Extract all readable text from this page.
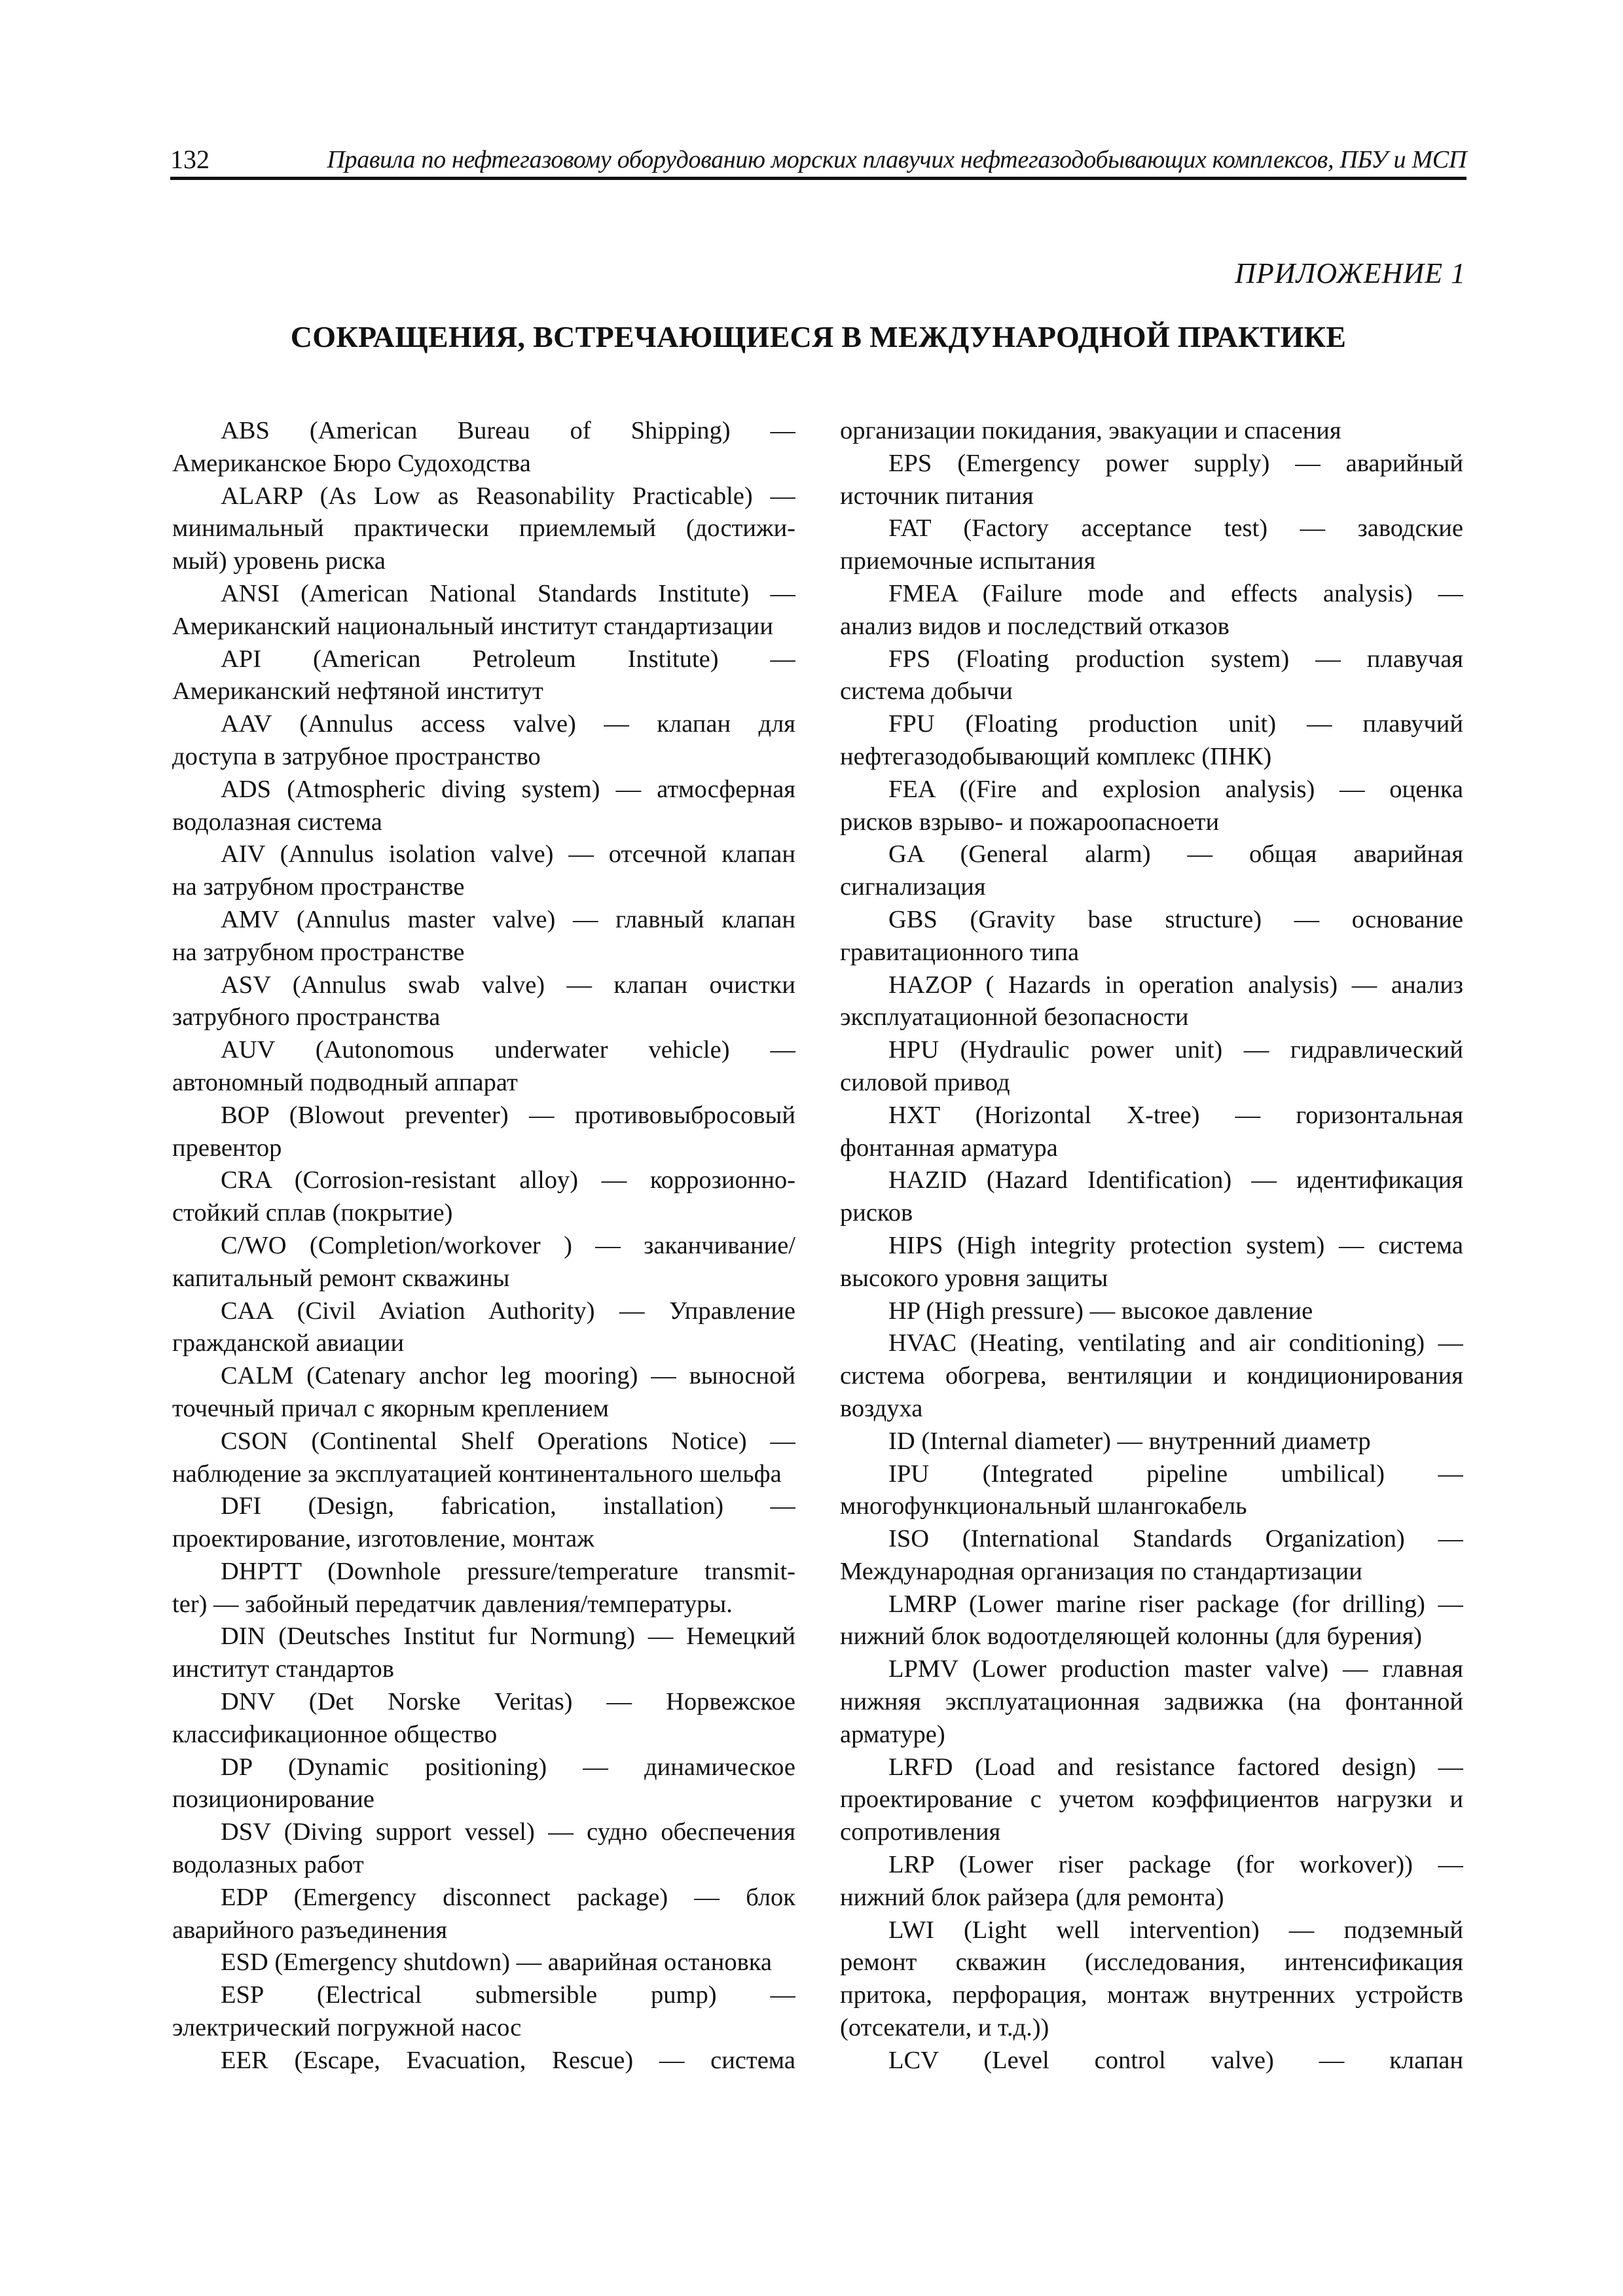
132	Правила по нефтегазовому оборудованию морских плавучих нефтегазодобывающих комплексов, ПБУ и МСП
ПРИЛОЖЕНИЕ 1
СОКРАЩЕНИЯ, ВСТРЕЧАЮЩИЕСЯ В МЕЖДУНАРОДНОЙ ПРАКТИКЕ
ABS (American Bureau of Shipping) —
Американское Бюро Судоходства
ALARP (As Low as Reasonability Practicable) —
минимальный практически приемлемый (достижи-
мый) уровень риска
ANSI (American National Standards Institute) —
Американский национальный институт стандартизации
API (American Petroleum Institute) —
Американский нефтяной институт
AAV (Annulus access valve) — клапан для
доступа в затрубное пространство
ADS (Atmospheric diving system) — атмосферная
водолазная система
AIV (Annulus isolation valve) — отсечной клапан
на затрубном пространстве
AMV (Annulus master valve) — главный клапан
на затрубном пространстве
ASV (Annulus swab valve) — клапан очистки
затрубного пространства
AUV (Autonomous underwater vehicle) —
автономный подводный аппарат
BOP (Blowout preventer) — противовыбросовый
превентор
CRA (Corrosion-resistant alloy) — коррозионно-
стойкий сплав (покрытие)
C/WO (Completion/workover ) — заканчивание/
капитальный ремонт скважины
CAA (Civil Aviation Authority) — Управление
гражданской авиации
CALM (Catenary anchor leg mooring) — выносной
точечный причал с якорным креплением
CSON (Continental Shelf Operations Notice) —
наблюдение за эксплуатацией континентального шельфа
DFI (Design, fabrication, installation) —
проектирование, изготовление, монтаж
DHPTT (Downhole pressure/temperature transmit-
ter) — забойный передатчик давления/температуры.
DIN (Deutsches Institut fur Normung) — Немецкий
институт стандартов
DNV (Det Norske Veritas) — Норвежское
классификационное общество
DP (Dynamic positioning) — динамическое
позиционирование
DSV (Diving support vessel) — судно обеспечения
водолазных работ
EDP (Emergency disconnect package) — блок
аварийного разъединения
ESD (Emergency shutdown) — аварийная остановка
ESP (Electrical submersible pump) —
электрический погружной насос
EER (Escape, Evacuation, Rescue) — система
организации покидания, эвакуации и спасения
EPS (Emergency power supply) — аварийный
источник питания
FAT (Factory acceptance test) — заводские
приемочные испытания
FMEA (Failure mode and effects analysis) —
анализ видов и последствий отказов
FPS (Floating production system) — плавучая
система добычи
FPU (Floating production unit) — плавучий
нефтегазодобывающий комплекс (ПНК)
FEA ((Fire and explosion analysis) — оценка
рисков взрыво- и пожароопасноети
GA (General alarm) — общая аварийная
сигнализация
GBS (Gravity base structure) — основание
гравитационного типа
HAZOP ( Hazards in operation analysis) — анализ
эксплуатационной безопасности
HPU (Hydraulic power unit) — гидравлический
силовой привод
HXT (Horizontal X-tree) — горизонтальная
фонтанная арматура
HAZID (Hazard Identification) — идентификация
рисков
HIPS (High integrity protection system) — система
высокого уровня защиты
HP (High pressure) — высокое давление
HVAC (Heating, ventilating and air conditioning) —
система обогрева, вентиляции и кондиционирования
воздуха
ID (Internal diameter) — внутренний диаметр
IPU (Integrated pipeline umbilical) —
многофункциональный шлангокабель
ISO (International Standards Organization) —
Международная организация по стандартизации
LMRP (Lower marine riser package (for drilling) —
нижний блок водоотделяющей колонны (для бурения)
LPMV (Lower production master valve) — главная
нижняя эксплуатационная задвижка (на фонтанной
арматуре)
LRFD (Load and resistance factored design) —
проектирование с учетом коэффициентов нагрузки и
сопротивления
LRP (Lower riser package (for workover)) —
нижний блок райзера (для ремонта)
LWI (Light well intervention) — подземный
ремонт скважин (исследования, интенсификация
притока, перфорация, монтаж внутренних устройств
(отсекатели, и т.д.))
LCV (Level control valve) — клапан
